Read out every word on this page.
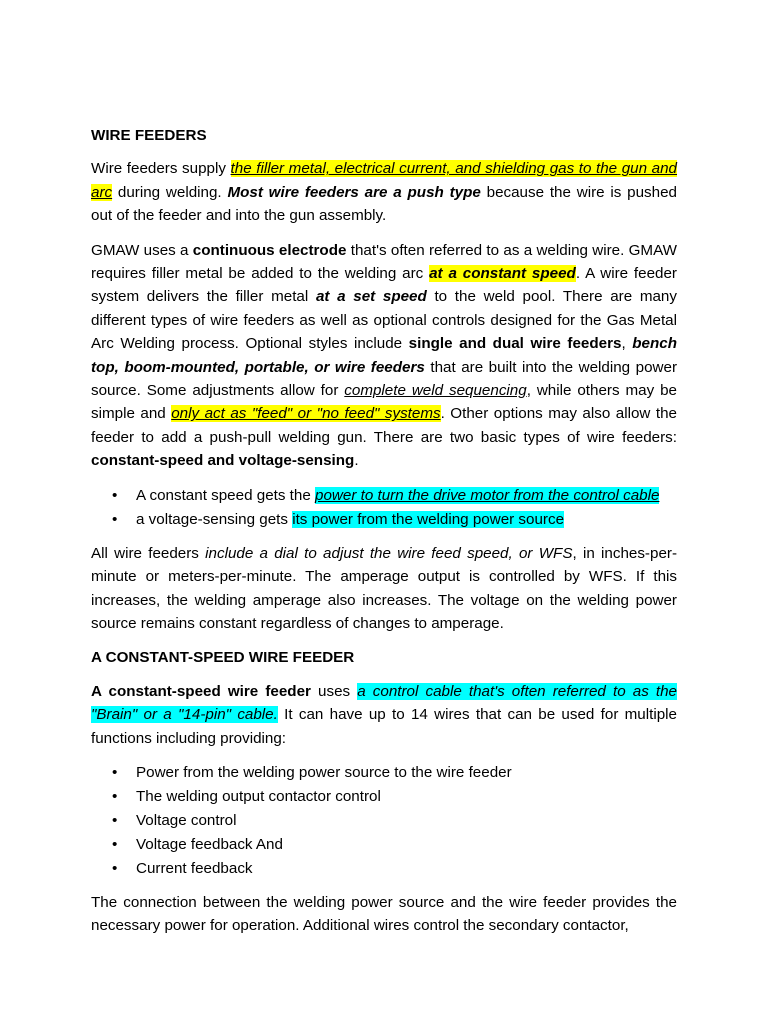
WIRE FEEDERS

Wire feeders supply the filler metal, electrical current, and shielding gas to the gun and arc during welding. Most wire feeders are a push type because the wire is pushed out of the feeder and into the gun assembly.

GMAW uses a continuous electrode that's often referred to as a welding wire. GMAW requires filler metal be added to the welding arc at a constant speed. A wire feeder system delivers the filler metal at a set speed to the weld pool. There are many different types of wire feeders as well as optional controls designed for the Gas Metal Arc Welding process. Optional styles include single and dual wire feeders, bench top, boom-mounted, portable, or wire feeders that are built into the welding power source. Some adjustments allow for complete weld sequencing, while others may be simple and only act as "feed" or "no feed" systems. Other options may also allow the feeder to add a push-pull welding gun. There are two basic types of wire feeders: constant-speed and voltage-sensing.

• A constant speed gets the power to turn the drive motor from the control cable
• a voltage-sensing gets its power from the welding power source

All wire feeders include a dial to adjust the wire feed speed, or WFS, in inches-per-minute or meters-per-minute. The amperage output is controlled by WFS. If this increases, the welding amperage also increases. The voltage on the welding power source remains constant regardless of changes to amperage.

A CONSTANT-SPEED WIRE FEEDER

A constant-speed wire feeder uses a control cable that's often referred to as the "Brain" or a "14-pin" cable. It can have up to 14 wires that can be used for multiple functions including providing:

• Power from the welding power source to the wire feeder
• The welding output contactor control
• Voltage control
• Voltage feedback And
• Current feedback

The connection between the welding power source and the wire feeder provides the necessary power for operation. Additional wires control the secondary contactor,
